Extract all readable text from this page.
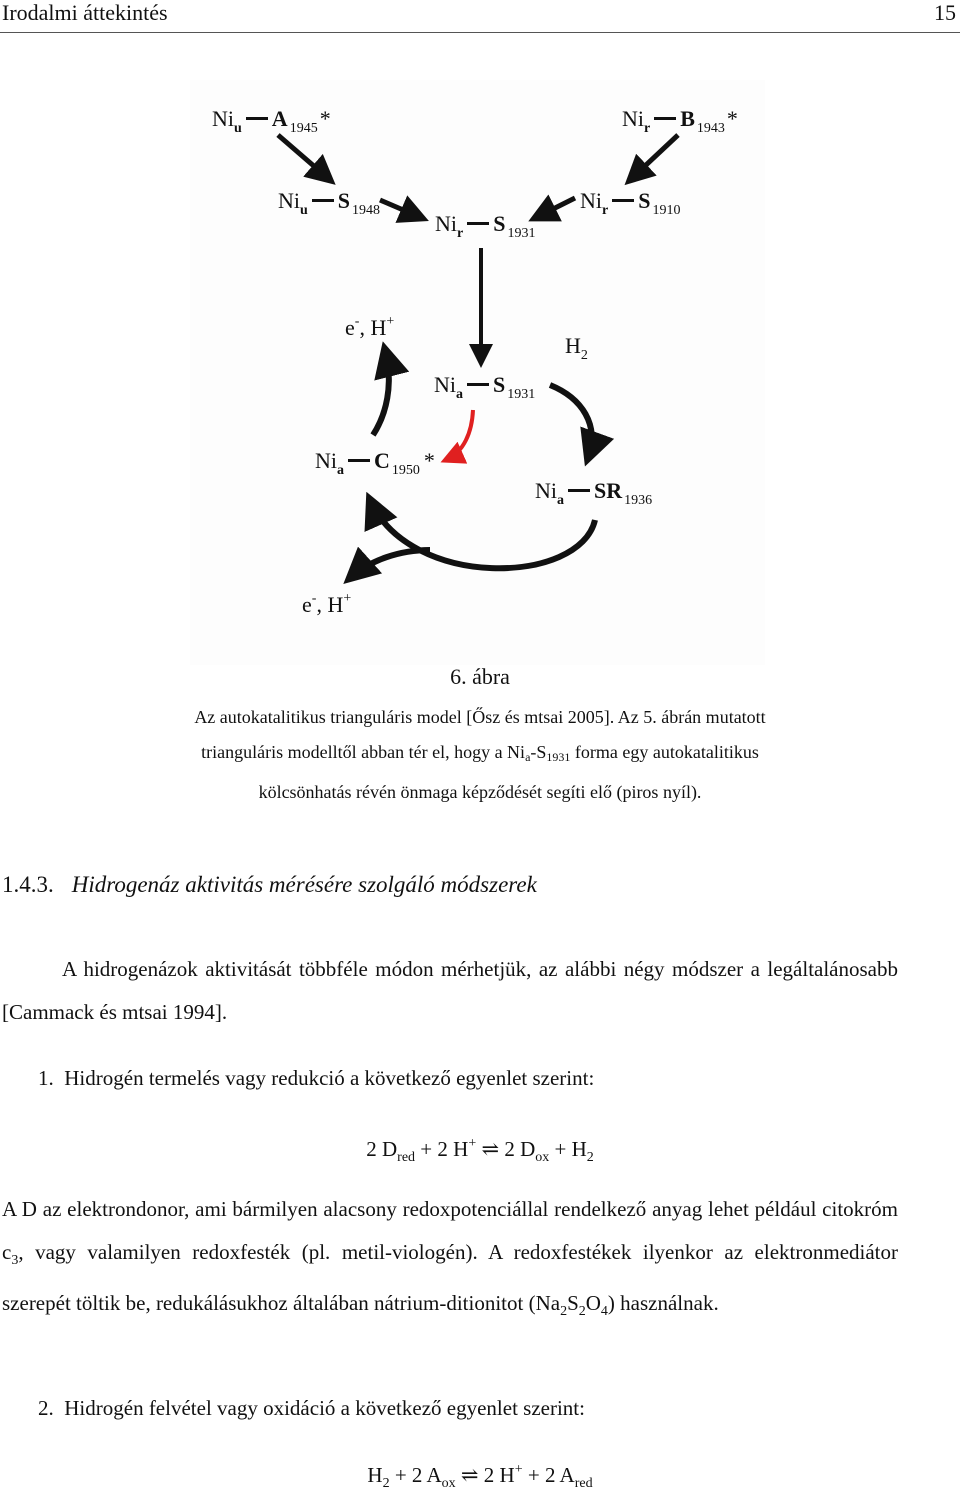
Irodalmi áttekintés	15
$Ni_u$ A $_{1945}$*	$Ni_r$ B $_{1943}$*
$Ni_u$ S $_{1948}$	$Ni_r$ S $_{1910}$
$Ni_r$ S $_{1931}$
e-, H+
$H_2$
$Ni_a$ S $_{1931}$
$Ni_a$ C $_{1950}$ *
$Ni_a$ SR $_{1936}$
e-, H+
6. ábra
Az autokatalitikus trianguláris model [Ősz és mtsai 2005]. Az 5. ábrán mutatott
trianguláris modelltől abban tér el, hogy a $Ni_a-S_{1931}$ forma egy autokatalitikus
kölcsönhatás révén önmaga képződését segíti elő (piros nyíl).
1.4.3. Hidrogenáz aktivitás mérésére szolgáló módszerek
A hidrogenázok aktivitását többféle módon mérhetjük, az alábbi négy módszer a legáltalánosabb [Cammack és mtsai 1994].
1. Hidrogén termelés vagy redukció a következő egyenlet szerint:
2 $D_{red} + 2$ H+ ⇌ 2 $D_{ox} + H_2$
A D az elektrondonor, ami bármilyen alacsony redoxpotenciállal rendelkező anyag lehet például citokróm $c_3$, vagy valamilyen redoxfesték (pl. metil-viologén). A redoxfestékek ilyenkor az elektronmediátor szerepét töltik be, redukálásukhoz általában nátrium-ditionitot $(Na_2S_2O_4)$ használnak.
2. Hidrogén felvétel vagy oxidáció a következő egyenlet szerint:
$H_2 + 2$ $A_{ox}$ ⇌ 2 H+ + 2 $A_{red}$
